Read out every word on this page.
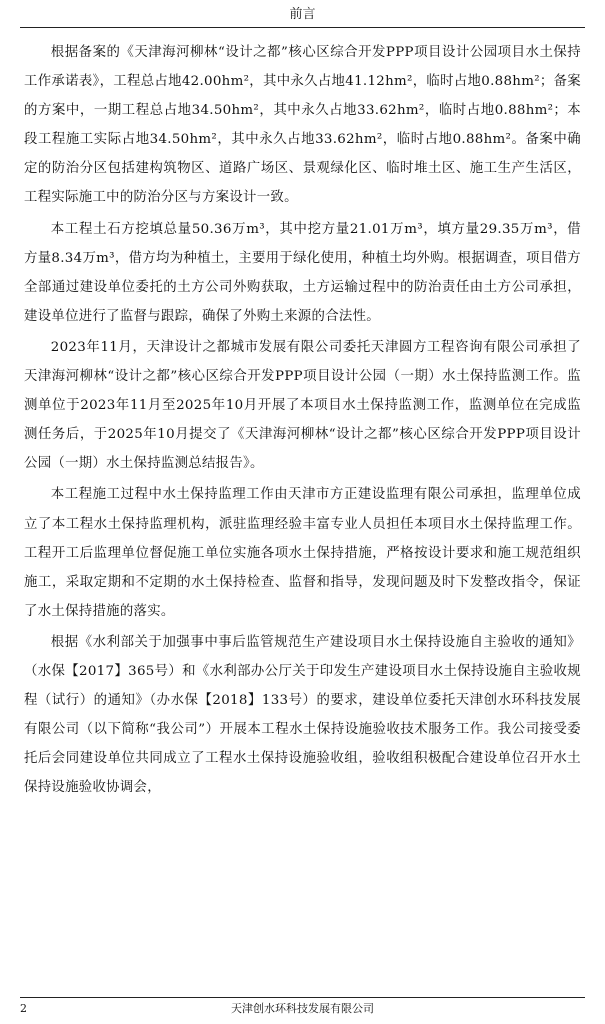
前言

根据备案的《天津海河柳林“设计之都”核心区综合开发PPP项目设计公园项目水土保持工作承诺表》，工程总占地42.00hm²，其中永久占地41.12hm²，临时占地0.88hm²；备案的方案中，一期工程总占地34.50hm²，其中永久占地33.62hm²，临时占地0.88hm²；本段工程施工实际占地34.50hm²，其中永久占地33.62hm²，临时占地0.88hm²。备案中确定的防治分区包括建构筑物区、道路广场区、景观绿化区、临时堆土区、施工生产生活区，工程实际施工中的防治分区与方案设计一致。

本工程土石方挖填总量50.36万m³，其中挖方量21.01万m³，填方量29.35万m³，借方量8.34万m³，借方均为种植土，主要用于绿化使用，种植土均外购。根据调查，项目借方全部通过建设单位委托的土方公司外购获取，土方运输过程中的防治责任由土方公司承担，建设单位进行了监督与跟踪，确保了外购土来源的合法性。

2023年11月，天津设计之都城市发展有限公司委托天津圆方工程咨询有限公司承担了天津海河柳林“设计之都”核心区综合开发PPP项目设计公园（一期）水土保持监测工作。监测单位于2023年11月至2025年10月开展了本项目水土保持监测工作，监测单位在完成监测任务后，于2025年10月提交了《天津海河柳林“设计之都”核心区综合开发PPP项目设计公园（一期）水土保持监测总结报告》。

本工程施工过程中水土保持监理工作由天津市方正建设监理有限公司承担，监理单位成立了本工程水土保持监理机构，派驻监理经验丰富专业人员担任本项目水土保持监理工作。工程开工后监理单位督促施工单位实施各项水土保持措施，严格按设计要求和施工规范组织施工，采取定期和不定期的水土保持检查、监督和指导，发现问题及时下发整改指令，保证了水土保持措施的落实。

根据《水利部关于加强事中事后监管规范生产建设项目水土保持设施自主验收的通知》（水保【2017】365号）和《水利部办公厅关于印发生产建设项目水土保持设施自主验收规程（试行）的通知》（办水保【2018】133号）的要求，建设单位委托天津创水环科技发展有限公司（以下简称“我公司”）开展本工程水土保持设施验收技术服务工作。我公司接受委托后会同建设单位共同成立了工程水土保持设施验收组，验收组积极配合建设单位召开水土保持设施验收协调会，

2	天津创水环科技发展有限公司
